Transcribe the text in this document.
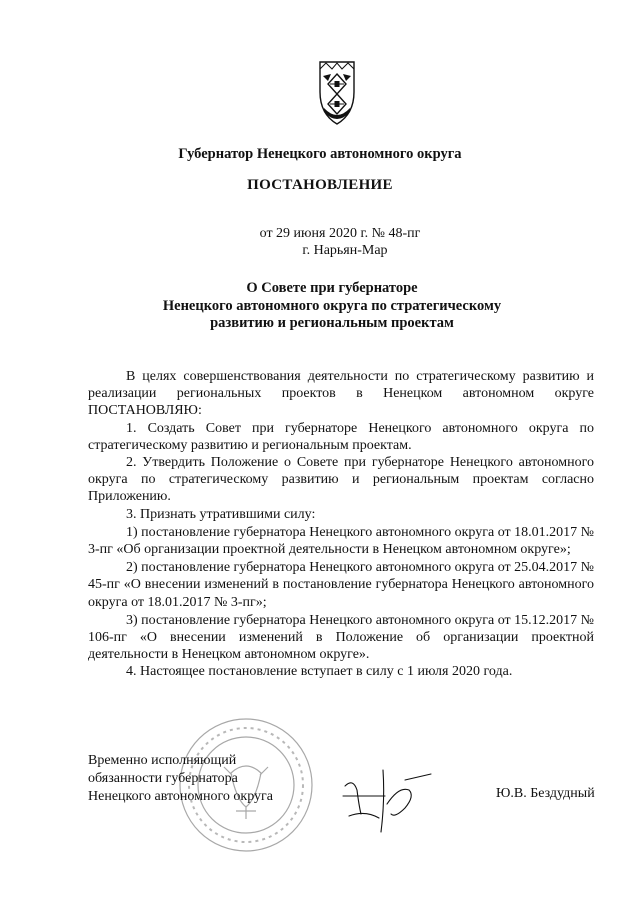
Губернатор Ненецкого автономного округа
ПОСТАНОВЛЕНИЕ
от 29 июня 2020 г. № 48-пг
г. Нарьян-Мар
О Совете при губернаторе
Ненецкого автономного округа по стратегическому
развитию и региональным проектам

В целях совершенствования деятельности по стратегическому развитию и реализации региональных проектов в Ненецком автономном округе ПОСТАНОВЛЯЮ:

1. Создать Совет при губернаторе Ненецкого автономного округа по стратегическому развитию и региональным проектам.

2. Утвердить Положение о Совете при губернаторе Ненецкого автономного округа по стратегическому развитию и региональным проектам согласно Приложению.

3. Признать утратившими силу:

1) постановление губернатора Ненецкого автономного округа от 18.01.2017 № 3-пг «Об организации проектной деятельности в Ненецком автономном округе»;

2) постановление губернатора Ненецкого автономного округа от 25.04.2017 № 45-пг «О внесении изменений в постановление губернатора Ненецкого автономного округа от 18.01.2017 № 3-пг»;

3) постановление губернатора Ненецкого автономного округа от 15.12.2017 № 106-пг «О внесении изменений в Положение об организации проектной деятельности в Ненецком автономном округе».

4. Настоящее постановление вступает в силу с 1 июля 2020 года.

Временно исполняющий
обязанности губернатора
Ненецкого автономного округа	Ю.В. Бездудный
